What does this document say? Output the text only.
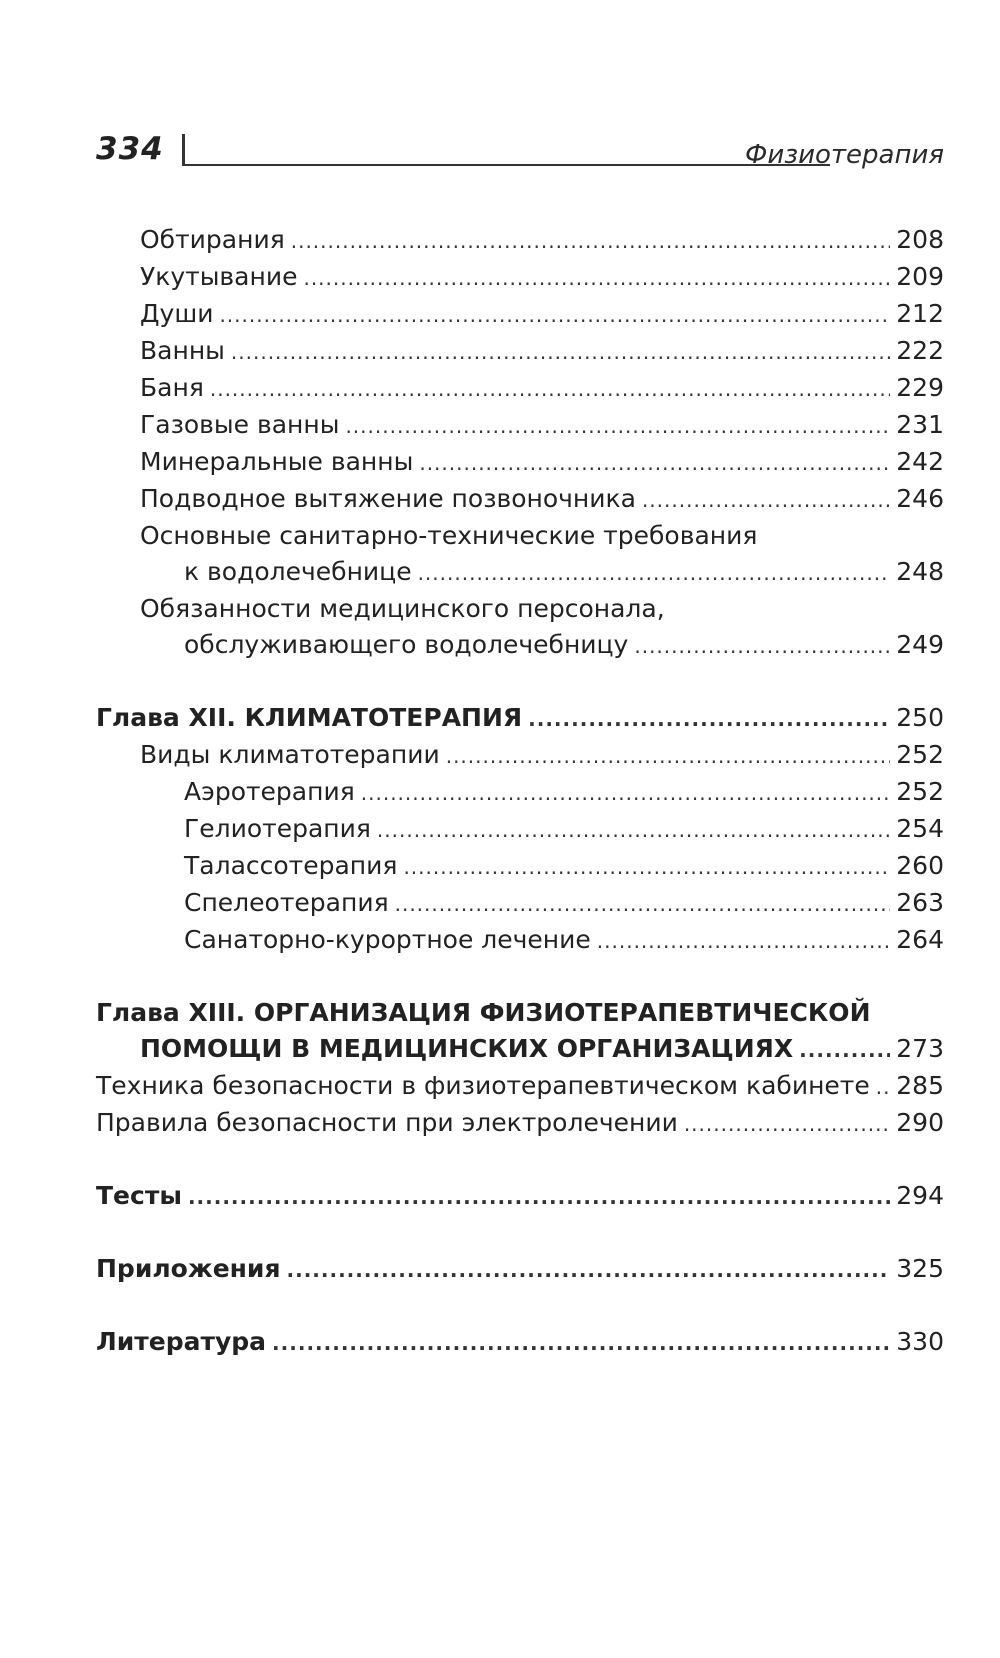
334	Физиотерапия
Обтирания .....	208
Укутывание .....	209
Души .....	212
Ванны .....	222
Баня .....	229
Газовые ванны .....	231
Минеральные ванны .....	242
Подводное вытяжение позвоночника .....	246
Основные санитарно-технические требования
к водолечебнице .....	248
Обязанности медицинского персонала,
обслуживающего водолечебницу .....	249
Глава XII. КЛИМАТОТЕРАПИЯ .....	250
Виды климатотерапии .....	252
Аэротерапия .....	252
Гелиотерапия .....	254
Талассотерапия .....	260
Спелеотерапия .....	263
Санаторно-курортное лечение .....	264
Глава XIII. ОРГАНИЗАЦИЯ ФИЗИОТЕРАПЕВТИЧЕСКОЙ
ПОМОЩИ В МЕДИЦИНСКИХ ОРГАНИЗАЦИЯХ .....	273
Техника безопасности в физиотерапевтическом кабинете ..... 285
Правила безопасности при электролечении .....	290
Тесты .....	294
Приложения .....	325
Литература .....	330
